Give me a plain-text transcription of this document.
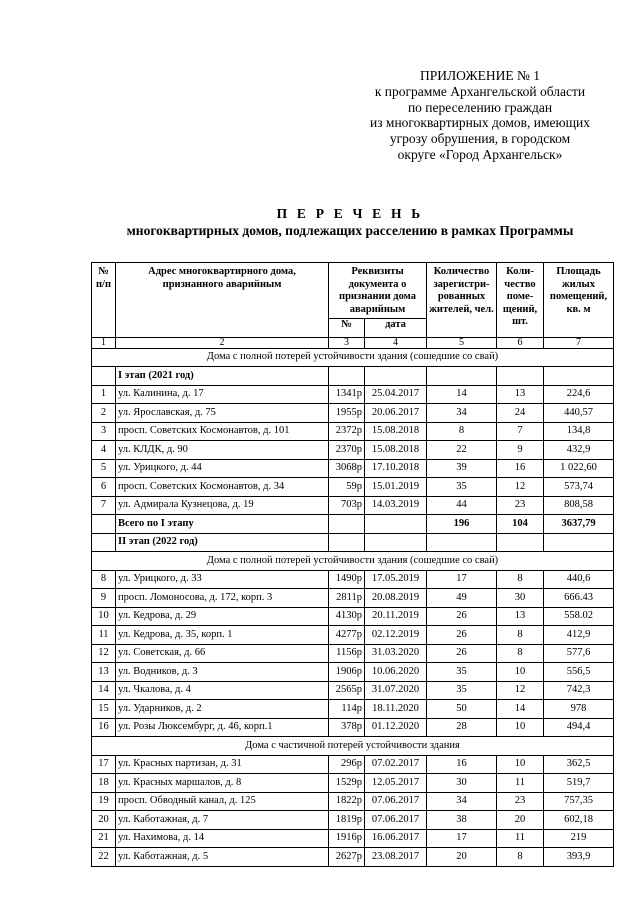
ПРИЛОЖЕНИЕ № 1
к программе Архангельской области
по переселению граждан
из многоквартирных домов, имеющих
угрозу обрушения, в городском
округе «Город Архангельск»
П Е Р Е Ч Е Н Ь
многоквартирных домов, подлежащих расселению в рамках Программы
№ п/п	Адрес многоквартирного дома, признанного аварийным	Реквизиты документа о признании дома аварийным		Количество зарегистри-рованных жителей, чел.	Коли-чество поме-щений, шт.	Площадь жилых помещений, кв. м
		№	дата			
1	2	3	4	5	6	7
Дома с полной потерей устойчивости здания (сошедшие со свай)						
	I этап (2021 год)					
1	ул. Калинина, д. 17	1341р	25.04.2017	14	13	224,6
2	ул. Ярославская, д. 75	1955р	20.06.2017	34	24	440,57
3	просп. Советских Космонавтов, д. 101	2372р	15.08.2018	8	7	134,8
4	ул. КЛДК, д. 90	2370р	15.08.2018	22	9	432,9
5	ул. Урицкого, д. 44	3068р	17.10.2018	39	16	1 022,60
6	просп. Советских Космонавтов, д. 34	59р	15.01.2019	35	12	573,74
7	ул. Адмирала Кузнецова, д. 19	703р	14.03.2019	44	23	808,58
	Всего по I этапу			196	104	3637,79
	II этап (2022 год)					
Дома с полной потерей устойчивости здания (сошедшие со свай)						
8	ул. Урицкого, д. 33	1490р	17.05.2019	17	8	440,6
9	просп. Ломоносова, д. 172, корп. 3	2811р	20.08.2019	49	30	666.43
10	ул. Кедрова, д. 29	4130р	20.11.2019	26	13	558.02
11	ул. Кедрова, д. 35, корп. 1	4277р	02.12.2019	26	8	412,9
12	ул. Советская, д. 66	1156р	31.03.2020	26	8	577,6
13	ул. Водников, д. 3	1906р	10.06.2020	35	10	556,5
14	ул. Чкалова, д. 4	2565р	31.07.2020	35	12	742,3
15	ул. Ударников, д. 2	114р	18.11.2020	50	14	978
16	ул. Розы Люксембург, д. 46, корп.1	378р	01.12.2020	28	10	494,4
Дома с частичной потерей устойчивости здания						
17	ул. Красных партизан, д. 31	296р	07.02.2017	16	10	362,5
18	ул. Красных маршалов, д. 8	1529р	12.05.2017	30	11	519,7
19	просп. Обводный канал, д. 125	1822р	07.06.2017	34	23	757,35
20	ул. Каботажная, д. 7	1819р	07.06.2017	38	20	602,18
21	ул. Нахимова, д. 14	1916р	16.06.2017	17	11	219
22	ул. Каботажная, д. 5	2627р	23.08.2017	20	8	393,9
